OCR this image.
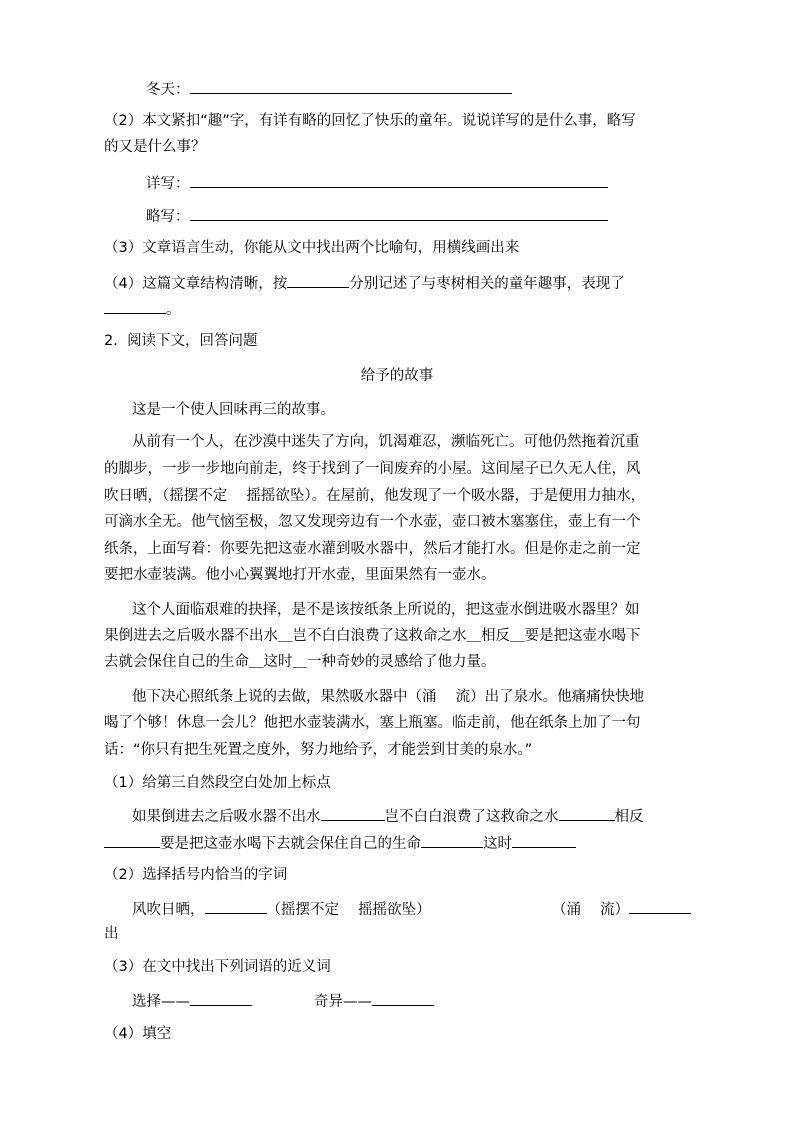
冬天：
（2）本文紧扣“趣”字，有详有略的回忆了快乐的童年。说说详写的是什么事，略写
的又是什么事？
详写：
略写：
（3）文章语言生动，你能从文中找出两个比喻句，用横线画出来
（4）这篇文章结构清晰，按	分别记述了与枣树相关的童年趣事，表现了
。
2. 阅读下文，回答问题
给予的故事
这是一个使人回味再三的故事。
从前有一个人，在沙漠中迷失了方向，饥渴难忍，濒临死亡。可他仍然拖着沉重
的脚步，一步一步地向前走，终于找到了一间废弃的小屋。这间屋子已久无人住，风
吹日晒，（摇摆不定　 摇摇欲坠）。在屋前，他发现了一个吸水器，于是便用力抽水，
可滴水全无。他气恼至极，忽又发现旁边有一个水壶，壶口被木塞塞住，壶上有一个
纸条，上面写着：你要先把这壶水灌到吸水器中，然后才能打水。但是你走之前一定
要把水壶装满。他小心翼翼地打开水壶，里面果然有一壶水。
这个人面临艰难的抉择，是不是该按纸条上所说的，把这壶水倒进吸水器里？如
果倒进去之后吸水器不出水＿岂不白白浪费了这救命之水＿相反＿要是把这壶水喝下
去就会保住自己的生命＿这时＿一种奇妙的灵感给了他力量。
他下决心照纸条上说的去做，果然吸水器中（涌　 流）出了泉水。他痛痛快快地
喝了个够！休息一会儿？他把水壶装满水，塞上瓶塞。临走前，他在纸条上加了一句
话：“你只有把生死置之度外，努力地给予，才能尝到甘美的泉水。”
（1）给第三自然段空白处加上标点
如果倒进去之后吸水器不出水	岂不白白浪费了这救命之水	相反
要是把这壶水喝下去就会保住自己的生命	这时
（2）选择括号内恰当的字词
风吹日晒，	（摇摆不定　 摇摇欲坠）	（涌　 流）
出
（3）在文中找出下列词语的近义词
选择——	奇异——
（4）填空
